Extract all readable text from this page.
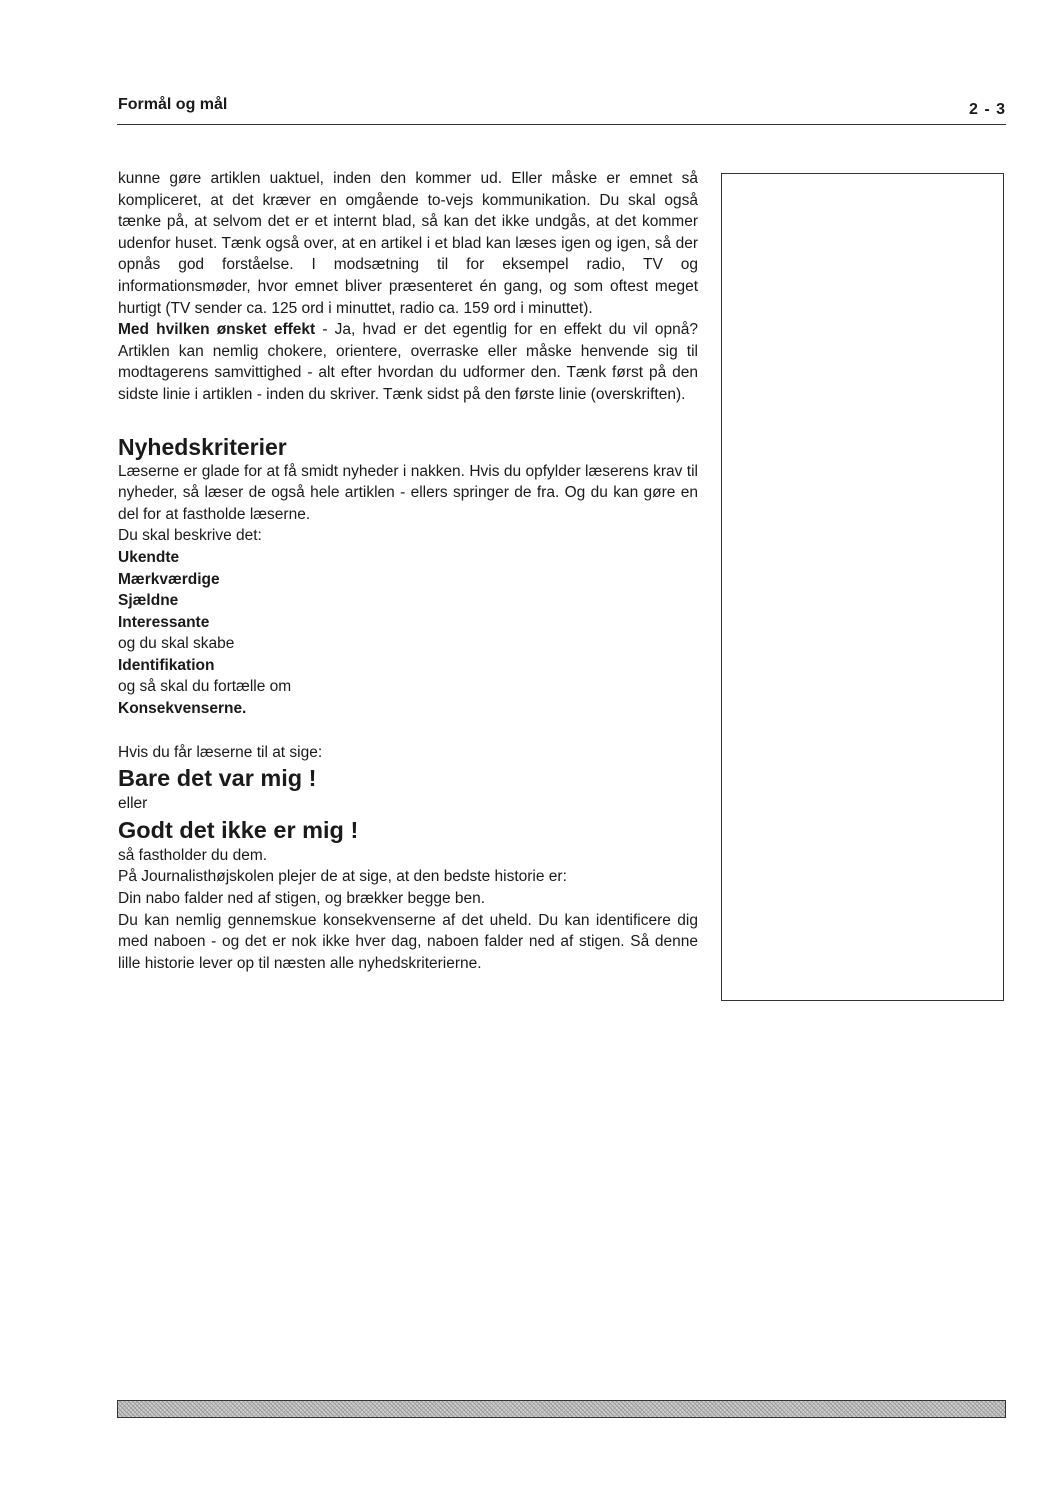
Formål og mål	2 - 3

kunne gøre artiklen uaktuel, inden den kommer ud. Eller måske er emnet så kompliceret, at det kræver en omgående to-vejs kommunikation. Du skal også tænke på, at selvom det er et internt blad, så kan det ikke undgås, at det kommer udenfor huset. Tænk også over, at en artikel i et blad kan læses igen og igen, så der opnås god forståelse. I modsætning til for eksempel radio, TV og informationsmøder, hvor emnet bliver præsenteret én gang, og som oftest meget hurtigt (TV sender ca. 125 ord i minuttet, radio ca. 159 ord i minuttet).

Med hvilken ønsket effekt - Ja, hvad er det egentlig for en effekt du vil opnå? Artiklen kan nemlig chokere, orientere, overraske eller måske henvende sig til modtagerens samvittighed - alt efter hvordan du udformer den. Tænk først på den sidste linie i artiklen - inden du skriver. Tænk sidst på den første linie (overskriften).

Nyhedskriterier

Læserne er glade for at få smidt nyheder i nakken. Hvis du opfylder læserens krav til nyheder, så læser de også hele artiklen - ellers springer de fra. Og du kan gøre en del for at fastholde læserne.

Du skal beskrive det:
Ukendte
Mærkværdige
Sjældne
Interessante
og du skal skabe
Identifikation
og så skal du fortælle om
Konsekvenserne.
Hvis du får læserne til at sige:

Bare det var mig !

eller

Godt det ikke er mig !

så fastholder du dem.
På Journalisthøjskolen plejer de at sige, at den bedste historie er:
Din nabo falder ned af stigen, og brækker begge ben.

Du kan nemlig gennemskue konsekvenserne af det uheld. Du kan identificere dig med naboen - og det er nok ikke hver dag, naboen falder ned af stigen. Så denne lille historie lever op til næsten alle nyhedskriterierne.
